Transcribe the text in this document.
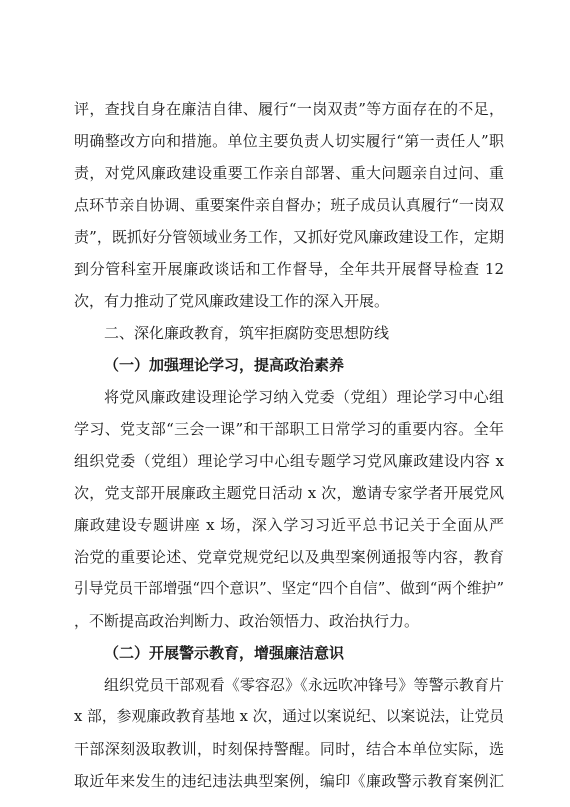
评，查找自身在廉洁自律、履行“一岗双责”等方面存在的不足，
明确整改方向和措施。单位主要负责人切实履行“第一责任人”职
责，对党风廉政建设重要工作亲自部署、重大问题亲自过问、重
点环节亲自协调、重要案件亲自督办；班子成员认真履行“一岗双
责”，既抓好分管领域业务工作，又抓好党风廉政建设工作，定期
到分管科室开展廉政谈话和工作督导，全年共开展督导检查 12
次，有力推动了党风廉政建设工作的深入开展。
二、深化廉政教育，筑牢拒腐防变思想防线
（一）加强理论学习，提高政治素养
将党风廉政建设理论学习纳入党委（党组）理论学习中心组
学习、党支部“三会一课”和干部职工日常学习的重要内容。全年
组织党委（党组）理论学习中心组专题学习党风廉政建设内容 x
次，党支部开展廉政主题党日活动 x 次，邀请专家学者开展党风
廉政建设专题讲座 x 场，深入学习习近平总书记关于全面从严
治党的重要论述、党章党规党纪以及典型案例通报等内容，教育
引导党员干部增强“四个意识”、坚定“四个自信”、做到“两个维护”
，不断提高政治判断力、政治领悟力、政治执行力。
（二）开展警示教育，增强廉洁意识
组织党员干部观看《零容忍》《永远吹冲锋号》等警示教育片
x 部，参观廉政教育基地 x 次，通过以案说纪、以案说法，让党员
干部深刻汲取教训，时刻保持警醒。同时，结合本单位实际，选
取近年来发生的违纪违法典型案例，编印《廉政警示教育案例汇
